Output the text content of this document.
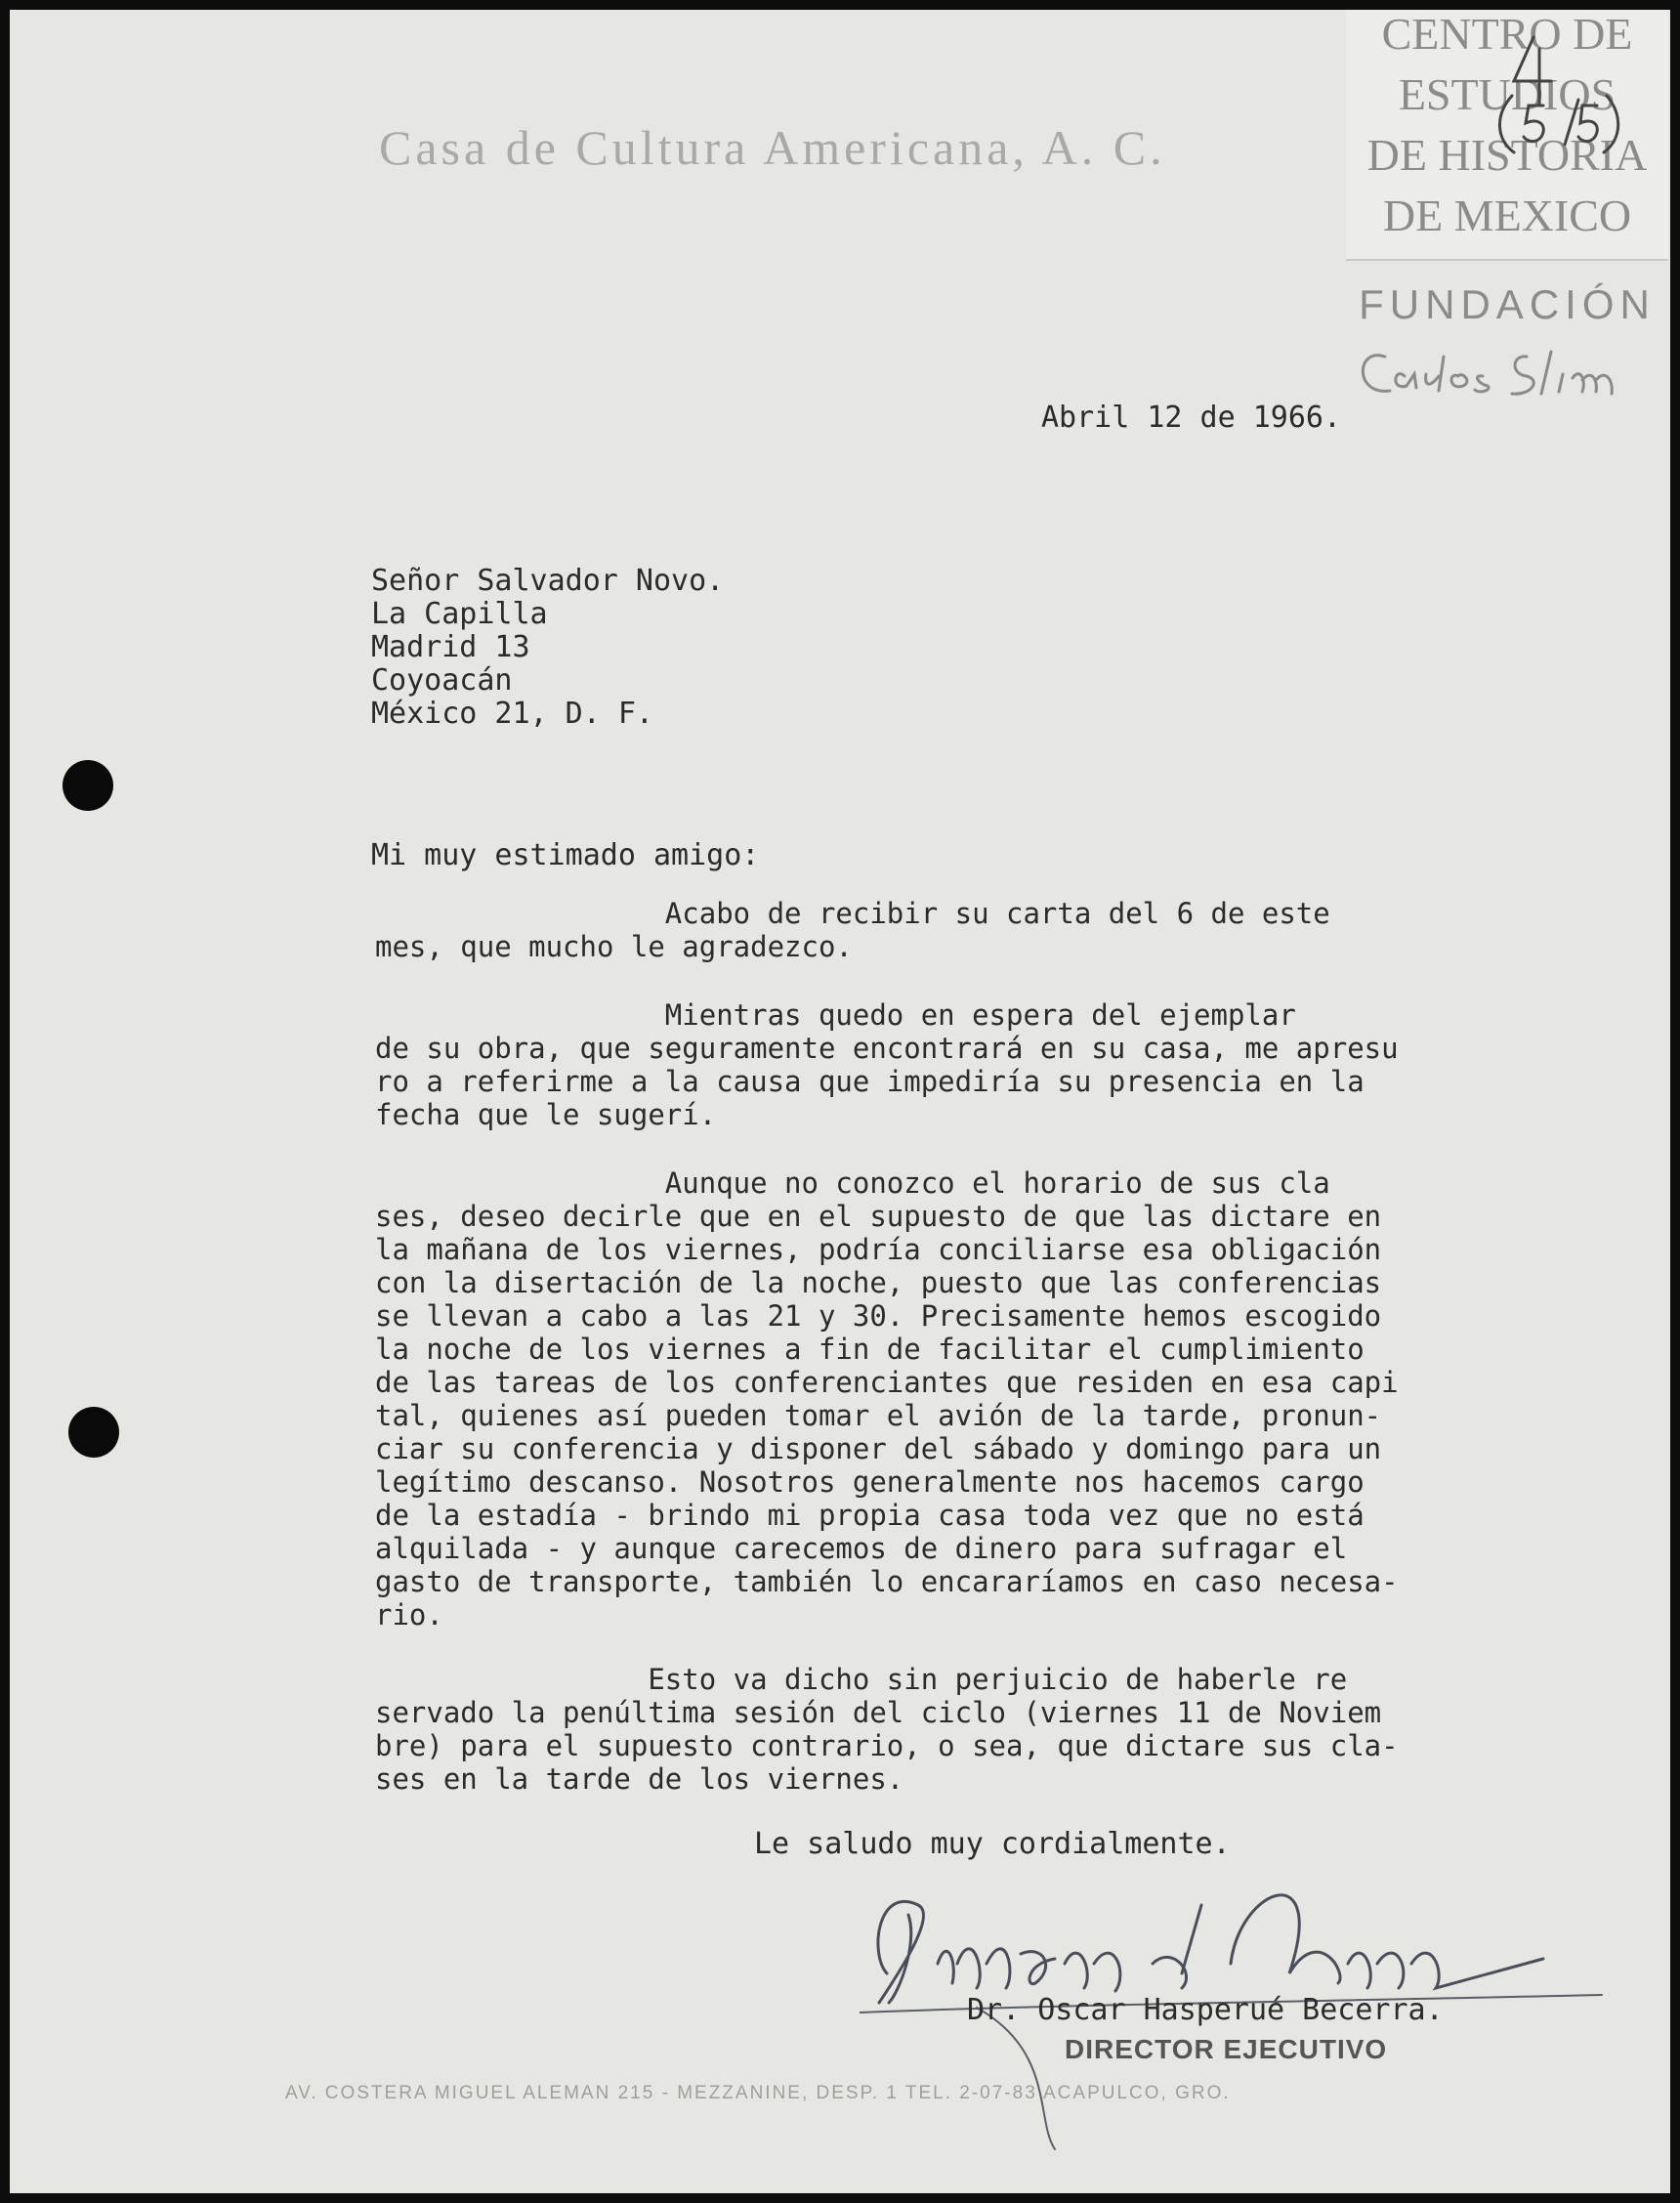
Casa de Cultura Americana, A. C.
CENTRO DE
ESTUDIOS
DE HISTORIA
DE MEXICO
FUNDACIÓN
Abril 12 de 1966.
Señor Salvador Novo.
La Capilla
Madrid 13
Coyoacán
México 21, D. F.
Mi muy estimado amigo:
Acabo de recibir su carta del 6 de este
mes, que mucho le agradezco.
Mientras quedo en espera del ejemplar
de su obra, que seguramente encontrará en su casa, me apresu
ro a referirme a la causa que impediría su presencia en la
fecha que le sugerí.
Aunque no conozco el horario de sus cla
ses, deseo decirle que en el supuesto de que las dictare en
la mañana de los viernes, podría conciliarse esa obligación
con la disertación de la noche, puesto que las conferencias
se llevan a cabo a las 21 y 30. Precisamente hemos escogido
la noche de los viernes a fin de facilitar el cumplimiento
de las tareas de los conferenciantes que residen en esa capi
tal, quienes así pueden tomar el avión de la tarde, pronun-
ciar su conferencia y disponer del sábado y domingo para un
legítimo descanso. Nosotros generalmente nos hacemos cargo
de la estadía - brindo mi propia casa toda vez que no está
alquilada - y aunque carecemos de dinero para sufragar el
gasto de transporte, también lo encararíamos en caso necesa-
rio.
Esto va dicho sin perjuicio de haberle re
servado la penúltima sesión del ciclo (viernes 11 de Noviem
bre) para el supuesto contrario, o sea, que dictare sus cla-
ses en la tarde de los viernes.
Le saludo muy cordialmente.
Dr. Oscar Hasperué Becerra.
DIRECTOR EJECUTIVO
AV. COSTERA MIGUEL ALEMAN 215 - MEZZANINE, DESP. 1 TEL. 2-07-83 ACAPULCO, GRO.
